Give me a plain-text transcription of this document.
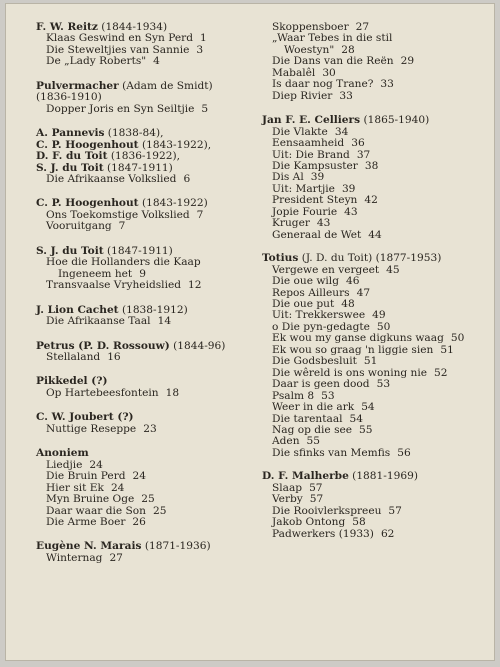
F. W. Reitz (1844-1934)
Klaas Geswind en Syn Perd 1
Die Steweltjies van Sannie 3
De „Lady Roberts" 4
Pulvermacher (Adam de Smidt)
(1836-1910)
Dopper Joris en Syn Seiltjie 5
A. Pannevis (1838-84),
C. P. Hoogenhout (1843-1922),
D. F. du Toit (1836-1922),
S. J. du Toit (1847-1911)
Die Afrikaanse Volkslied 6
C. P. Hoogenhout (1843-1922)
Ons Toekomstige Volkslied 7
Vooruitgang 7
S. J. du Toit (1847-1911)
Hoe die Hollanders die Kaap
Ingeneem het 9
Transvaalse Vryheidslied 12
J. Lion Cachet (1838-1912)
Die Afrikaanse Taal 14
Petrus (P. D. Rossouw) (1844-96)
Stellaland 16
Pikkedel (?)
Op Hartebeesfontein 18
C. W. Joubert (?)
Nuttige Reseppe 23
Anoniem
Liedjie 24
Die Bruin Perd 24
Hier sit Ek 24
Myn Bruine Oge 25
Daar waar die Son 25
Die Arme Boer 26
Eugène N. Marais (1871-1936)
Winternag 27
Skoppensboer 27
„Waar Tebes in die stil
Woestyn" 28
Die Dans van die Reën 29
Mabalêl 30
Is daar nog Trane? 33
Diep Rivier 33
Jan F. E. Celliers (1865-1940)
Die Vlakte 34
Eensaamheid 36
Uit: Die Brand 37
Die Kampsuster 38
Dis Al 39
Uit: Martjie 39
President Steyn 42
Jopie Fourie 43
Kruger 43
Generaal de Wet 44
Totius (J. D. du Toit) (1877-1953)
Vergewe en vergeet 45
Die oue wilg 46
Repos Ailleurs 47
Die oue put 48
Uit: Trekkerswee 49
o Die pyn-gedagte 50
Ek wou my ganse digkuns waag 50
Ek wou so graag 'n liggie sien 51
Die Godsbesluit 51
Die wêreld is ons woning nie 52
Daar is geen dood 53
Psalm 8 53
Weer in die ark 54
Die tarentaal 54
Nag op die see 55
Aden 55
Die sfinks van Memfis 56
D. F. Malherbe (1881-1969)
Slaap 57
Verby 57
Die Rooivlerkspreeu 57
Jakob Ontong 58
Padwerkers (1933) 62
